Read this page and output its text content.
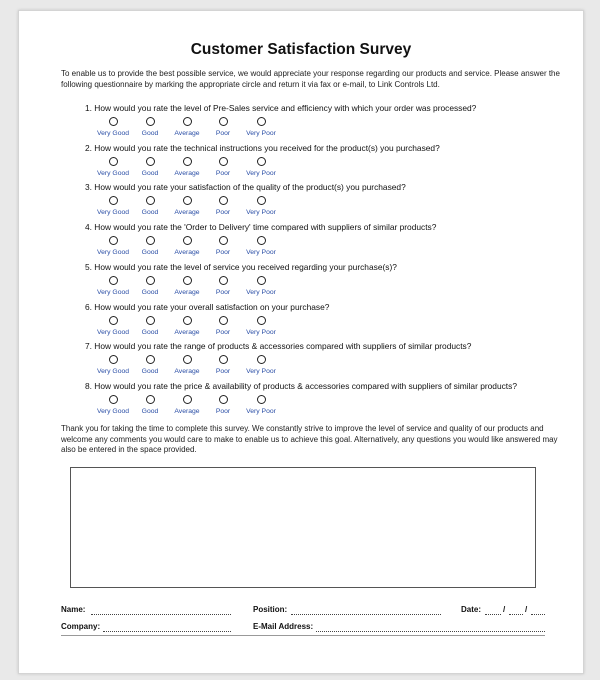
Customer Satisfaction Survey
To enable us to provide the best possible service, we would appreciate your response regarding our products and service. Please answer the following questionnaire by marking the appropriate circle and return it via fax or e-mail, to Link Controls Ltd.
1. How would you rate the level of Pre-Sales service and efficiency with which your order was processed?
Very Good	Good	Average	Poor	Very Poor
2. How would you rate the technical instructions you received for the product(s) you purchased?
Very Good	Good	Average	Poor	Very Poor
3. How would you rate your satisfaction of the quality of the product(s) you purchased?
Very Good	Good	Average	Poor	Very Poor
4. How would you rate the 'Order to Delivery' time compared with suppliers of similar products?
Very Good	Good	Average	Poor	Very Poor
5. How would you rate the level of service you received regarding your purchase(s)?
Very Good	Good	Average	Poor	Very Poor
6. How would you rate your overall satisfaction on your purchase?
Very Good	Good	Average	Poor	Very Poor
7. How would you rate the range of products & accessories compared with suppliers of similar products?
Very Good	Good	Average	Poor	Very Poor
8. How would you rate the price & availability of products & accessories compared with suppliers of similar products?
Very Good	Good	Average	Poor	Very Poor
Thank you for taking the time to complete this survey. We constantly strive to improve the level of service and quality of our products and welcome any comments you would care to make to enable us to achieve this goal. Alternatively, any questions you would like answered may also be entered in the space provided.
Name:	Position:	Date:	/ /
Company:	E-Mail Address:
